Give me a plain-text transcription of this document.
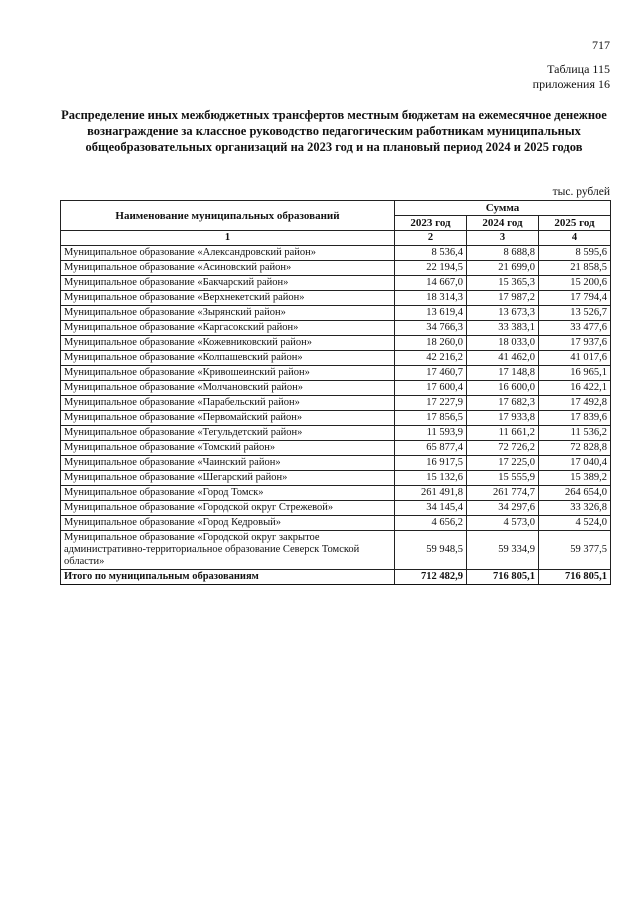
717
Таблица 115
приложения 16
Распределение иных межбюджетных трансфертов местным бюджетам на ежемесячное денежное вознаграждение за классное руководство педагогическим работникам муниципальных общеобразовательных организаций на 2023 год и на плановый период 2024 и 2025 годов
тыс. рублей
Наименование муниципальных образований	Сумма		
	2023 год	2024 год	2025 год
1	2	3	4
Муниципальное образование «Александровский район»	8 536,4	8 688,8	8 595,6
Муниципальное образование «Асиновский район»	22 194,5	21 699,0	21 858,5
Муниципальное образование «Бакчарский район»	14 667,0	15 365,3	15 200,6
Муниципальное образование «Верхнекетский район»	18 314,3	17 987,2	17 794,4
Муниципальное образование «Зырянский район»	13 619,4	13 673,3	13 526,7
Муниципальное образование «Каргасокский район»	34 766,3	33 383,1	33 477,6
Муниципальное образование «Кожевниковский район»	18 260,0	18 033,0	17 937,6
Муниципальное образование «Колпашевский район»	42 216,2	41 462,0	41 017,6
Муниципальное образование «Кривошеинский район»	17 460,7	17 148,8	16 965,1
Муниципальное образование «Молчановский район»	17 600,4	16 600,0	16 422,1
Муниципальное образование «Парабельский район»	17 227,9	17 682,3	17 492,8
Муниципальное образование «Первомайский район»	17 856,5	17 933,8	17 839,6
Муниципальное образование «Тегульдетский район»	11 593,9	11 661,2	11 536,2
Муниципальное образование «Томский район»	65 877,4	72 726,2	72 828,8
Муниципальное образование «Чаинский район»	16 917,5	17 225,0	17 040,4
Муниципальное образование «Шегарский район»	15 132,6	15 555,9	15 389,2
Муниципальное образование «Город Томск»	261 491,8	261 774,7	264 654,0
Муниципальное образование «Городской округ Стрежевой»	34 145,4	34 297,6	33 326,8
Муниципальное образование «Город Кедровый»	4 656,2	4 573,0	4 524,0
Муниципальное образование «Городской округ закрытое административно-территориальное образование Северск Томской области»	59 948,5	59 334,9	59 377,5
Итого по муниципальным образованиям	712 482,9	716 805,1	716 805,1
